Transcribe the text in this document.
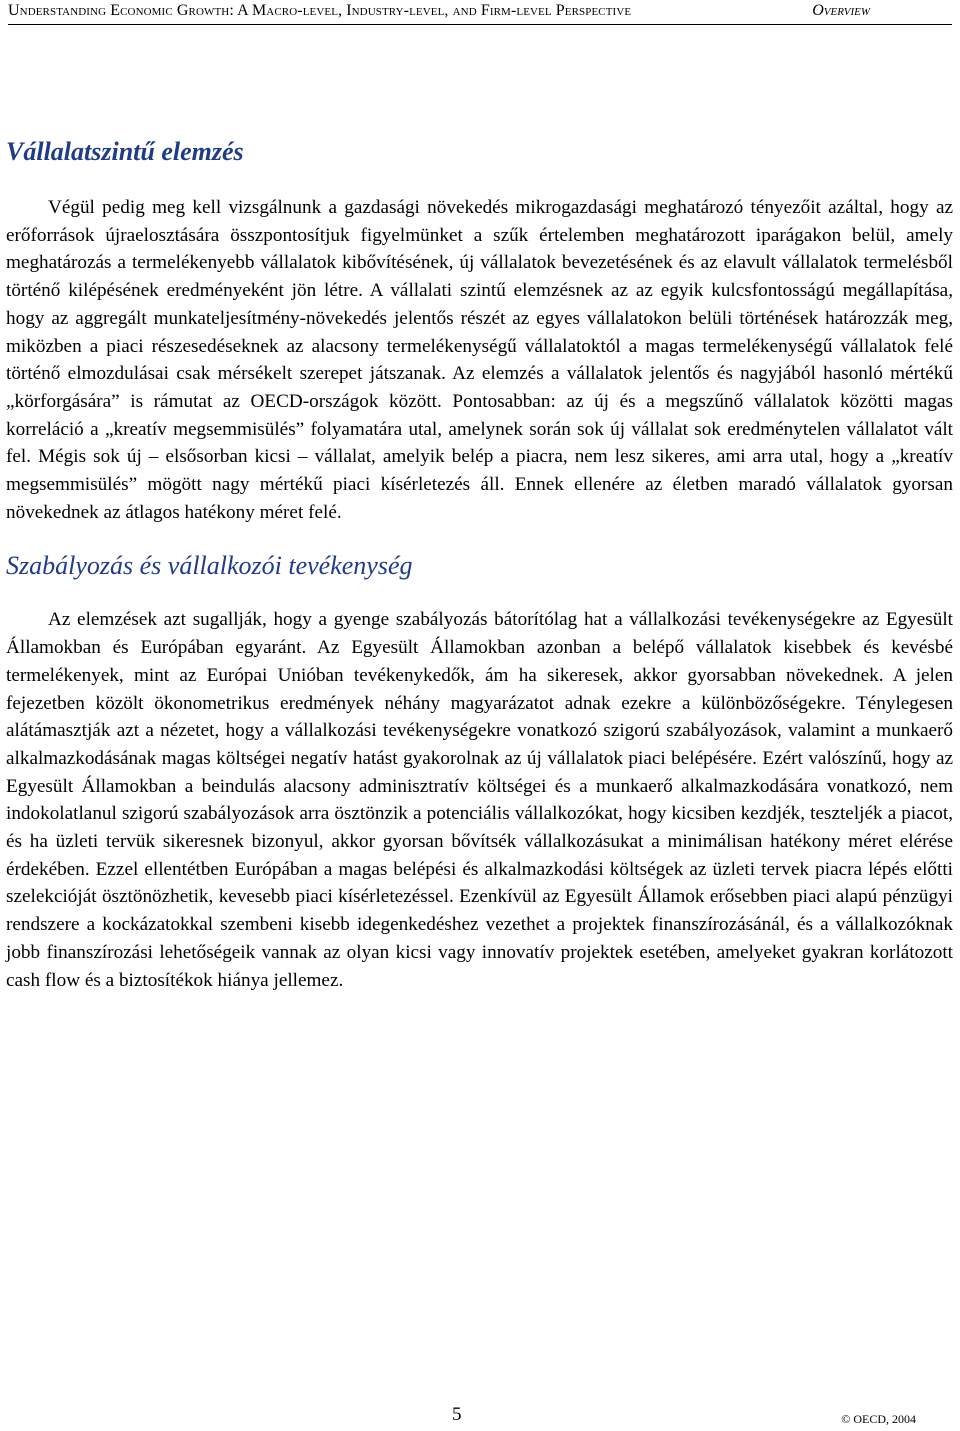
Understanding Economic Growth: A Macro-level, Industry-level, and Firm-level Perspective	Overview
Vállalatszintű elemzés

Végül pedig meg kell vizsgálnunk a gazdasági növekedés mikrogazdasági meghatározó tényezőit azáltal, hogy az erőforrások újraelosztására összpontosítjuk figyelmünket a szűk értelemben meghatározott iparágakon belül, amely meghatározás a termelékenyebb vállalatok kibővítésének, új vállalatok bevezetésének és az elavult vállalatok termelésből történő kilépésének eredményeként jön létre. A vállalati szintű elemzésnek az az egyik kulcsfontosságú megállapítása, hogy az aggregált munkateljesítmény-növekedés jelentős részét az egyes vállalatokon belüli történések határozzák meg, miközben a piaci részesedéseknek az alacsony termelékenységű vállalatoktól a magas termelékenységű vállalatok felé történő elmozdulásai csak mérsékelt szerepet játszanak. Az elemzés a vállalatok jelentős és nagyjából hasonló mértékű „körforgására” is rámutat az OECD-országok között. Pontosabban: az új és a megszűnő vállalatok közötti magas korreláció a „kreatív megsemmisülés” folyamatára utal, amelynek során sok új vállalat sok eredménytelen vállalatot vált fel. Mégis sok új – elsősorban kicsi – vállalat, amelyik belép a piacra, nem lesz sikeres, ami arra utal, hogy a „kreatív megsemmisülés” mögött nagy mértékű piaci kísérletezés áll. Ennek ellenére az életben maradó vállalatok gyorsan növekednek az átlagos hatékony méret felé.

Szabályozás és vállalkozói tevékenység

Az elemzések azt sugallják, hogy a gyenge szabályozás bátorítólag hat a vállalkozási tevékenységekre az Egyesült Államokban és Európában egyaránt. Az Egyesült Államokban azonban a belépő vállalatok kisebbek és kevésbé termelékenyek, mint az Európai Unióban tevékenykedők, ám ha sikeresek, akkor gyorsabban növekednek. A jelen fejezetben közölt ökonometrikus eredmények néhány magyarázatot adnak ezekre a különbözőségekre. Ténylegesen alátámasztják azt a nézetet, hogy a vállalkozási tevékenységekre vonatkozó szigorú szabályozások, valamint a munkaerő alkalmazkodásának magas költségei negatív hatást gyakorolnak az új vállalatok piaci belépésére. Ezért valószínű, hogy az Egyesült Államokban a beindulás alacsony adminisztratív költségei és a munkaerő alkalmazkodására vonatkozó, nem indokolatlanul szigorú szabályozások arra ösztönzik a potenciális vállalkozókat, hogy kicsiben kezdjék, teszteljék a piacot, és ha üzleti tervük sikeresnek bizonyul, akkor gyorsan bővítsék vállalkozásukat a minimálisan hatékony méret elérése érdekében. Ezzel ellentétben Európában a magas belépési és alkalmazkodási költségek az üzleti tervek piacra lépés előtti szelekcióját ösztönözhetik, kevesebb piaci kísérletezéssel. Ezenkívül az Egyesült Államok erősebben piaci alapú pénzügyi rendszere a kockázatokkal szembeni kisebb idegenkedéshez vezethet a projektek finanszírozásánál, és a vállalkozóknak jobb finanszírozási lehetőségeik vannak az olyan kicsi vagy innovatív projektek esetében, amelyeket gyakran korlátozott cash flow és a biztosítékok hiánya jellemez.

5	© OECD, 2004
